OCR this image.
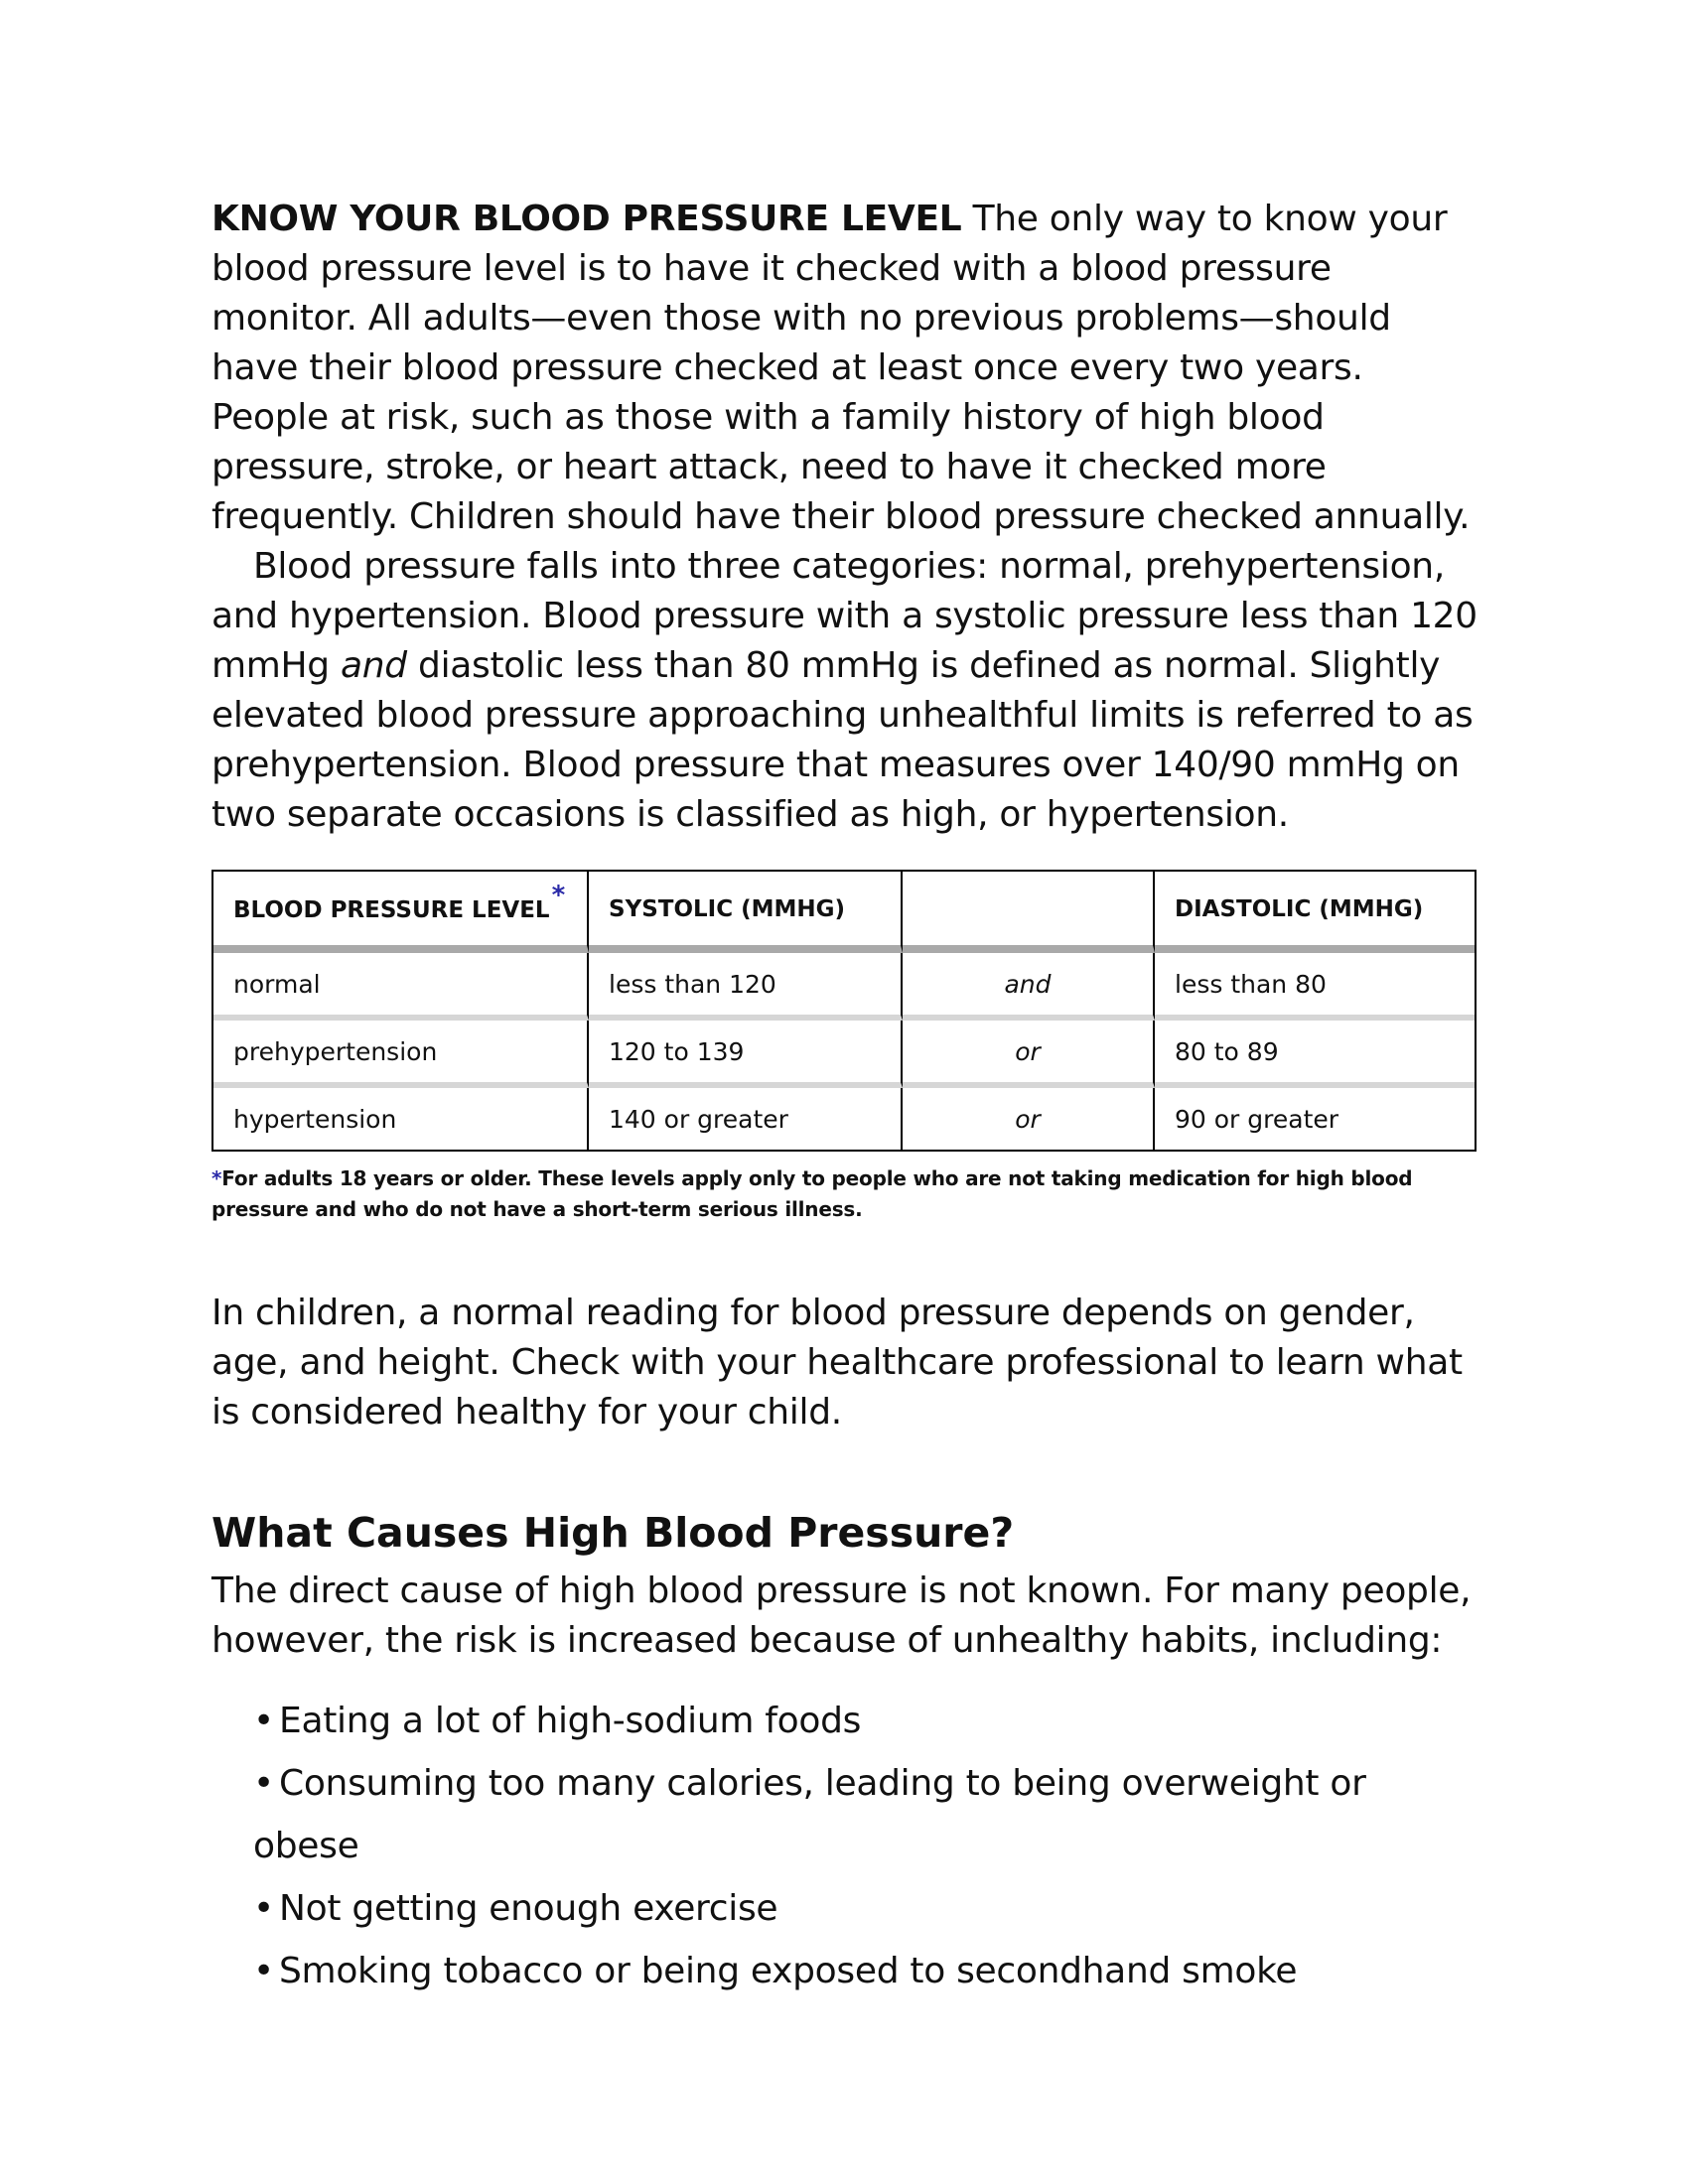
KNOW YOUR BLOOD PRESSURE LEVEL The only way to know your blood pressure level is to have it checked with a blood pressure monitor. All adults—even those with no previous problems—should have their blood pressure checked at least once every two years. People at risk, such as those with a family history of high blood pressure, stroke, or heart attack, need to have it checked more frequently. Children should have their blood pressure checked annually.

Blood pressure falls into three categories: normal, prehypertension, and hypertension. Blood pressure with a systolic pressure less than 120 mmHg and diastolic less than 80 mmHg is defined as normal. Slightly elevated blood pressure approaching unhealthful limits is referred to as prehypertension. Blood pressure that measures over 140/90 mmHg on two separate occasions is classified as high, or hypertension.

BLOOD PRESSURE LEVEL*	SYSTOLIC (MMHG)		DIASTOLIC (MMHG)
normal	less than 120	and	less than 80
prehypertension	120 to 139	or	80 to 89
hypertension	140 or greater	or	90 or greater

*For adults 18 years or older. These levels apply only to people who are not taking medication for high blood pressure and who do not have a short-term serious illness.

In children, a normal reading for blood pressure depends on gender, age, and height. Check with your healthcare professional to learn what is considered healthy for your child.

What Causes High Blood Pressure?

The direct cause of high blood pressure is not known. For many people, however, the risk is increased because of unhealthy habits, including:

• Eating a lot of high-sodium foods
• Consuming too many calories, leading to being overweight or obese
• Not getting enough exercise
• Smoking tobacco or being exposed to secondhand smoke
